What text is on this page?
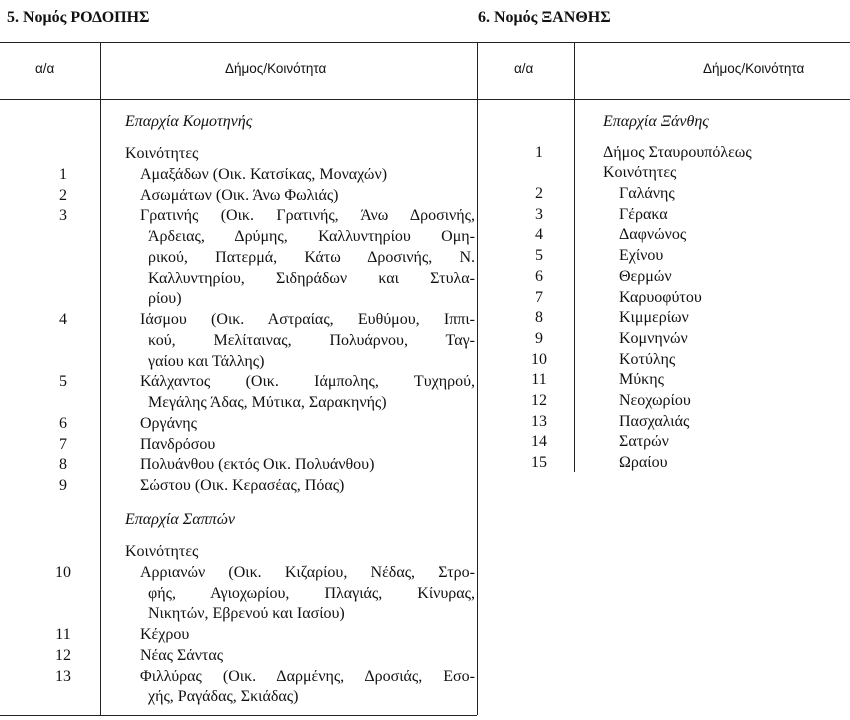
5. Νομός ΡΟΔΟΠΗΣ	6. Νομός ΞΑΝΘΗΣ
α/α	Δήμος/Κοινότητα	α/α	Δήμος/Κοινότητα
Επαρχία Κομοτηνής
Κοινότητες
1	Αμαξάδων (Οικ. Κατσίκας, Μοναχών)
2	Ασωμάτων (Οικ. Άνω Φωλιάς)
3	Γρατινής (Οικ. Γρατινής, Άνω Δροσινής,
Άρδειας, Δρύμης, Καλλυντηρίου Ομη-
ρικού, Πατερμά, Κάτω Δροσινής, Ν.
Καλλυντηρίου, Σιδηράδων και Στυλα-
ρίου)
4	Ιάσμου (Οικ. Αστραίας, Ευθύμου, Ιππι-
κού, Μελίταινας, Πολυάρνου, Ταγ-
γαίου και Τάλλης)
5	Κάλχαντος (Οικ. Ιάμπολης, Τυχηρού,
Μεγάλης Άδας, Μύτικα, Σαρακηνής)
6	Οργάνης
7	Πανδρόσου
8	Πολυάνθου (εκτός Οικ. Πολυάνθου)
9	Σώστου (Οικ. Κερασέας, Πόας)
Επαρχία Σαππών
Κοινότητες
10	Αρριανών (Οικ. Κιζαρίου, Νέδας, Στρο-
φής, Αγιοχωρίου, Πλαγιάς, Κίνυρας,
Νικητών, Εβρενού και Ιασίου)
11	Κέχρου
12	Νέας Σάντας
13	Φιλλύρας (Οικ. Δαρμένης, Δροσιάς, Εσο-
χής, Ραγάδας, Σκιάδας)
Επαρχία Ξάνθης
1	Δήμος Σταυρουπόλεως
Κοινότητες
2	Γαλάνης
3	Γέρακα
4	Δαφνώνος
5	Εχίνου
6	Θερμών
7	Καρυοφύτου
8	Κιμμερίων
9	Κομνηνών
10	Κοτύλης
11	Μύκης
12	Νεοχωρίου
13	Πασχαλιάς
14	Σατρών
15	Ωραίου
